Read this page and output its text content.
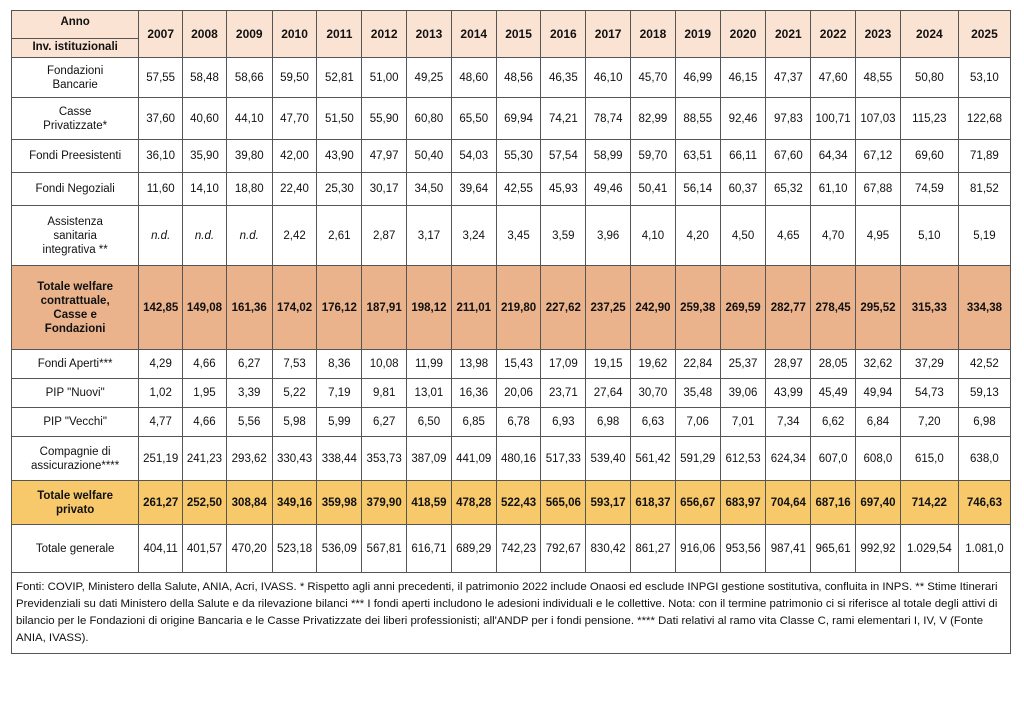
Anno
Inv. istituzionali	2007	2008	2009	2010	2011	2012	2013	2014	2015	2016	2017	2018	2019	2020	2021	2022	2023	2024	2025

Fondazioni
Bancarie	57,55	58,48	58,66	59,50	52,81	51,00	49,25	48,60	48,56	46,35	46,10	45,70	46,99	46,15	47,37	47,60	48,55	50,80	53,10

Casse
Privatizzate*	37,60	40,60	44,10	47,70	51,50	55,90	60,80	65,50	69,94	74,21	78,74	82,99	88,55	92,46	97,83	100,71	107,03	115,23	122,68

Fondi Preesistenti	36,10	35,90	39,80	42,00	43,90	47,97	50,40	54,03	55,30	57,54	58,99	59,70	63,51	66,11	67,60	64,34	67,12	69,60	71,89

Fondi Negoziali	11,60	14,10	18,80	22,40	25,30	30,17	34,50	39,64	42,55	45,93	49,46	50,41	56,14	60,37	65,32	61,10	67,88	74,59	81,52

Assistenza
sanitaria
integrativa **	n.d.	n.d.	n.d.	2,42	2,61	2,87	3,17	3,24	3,45	3,59	3,96	4,10	4,20	4,50	4,65	4,70	4,95	5,10	5,19

Totale welfare
contrattuale,
Casse e
Fondazioni	142,85	149,08	161,36	174,02	176,12	187,91	198,12	211,01	219,80	227,62	237,25	242,90	259,38	269,59	282,77	278,45	295,52	315,33	334,38

Fondi Aperti***	4,29	4,66	6,27	7,53	8,36	10,08	11,99	13,98	15,43	17,09	19,15	19,62	22,84	25,37	28,97	28,05	32,62	37,29	42,52

PIP "Nuovi"	1,02	1,95	3,39	5,22	7,19	9,81	13,01	16,36	20,06	23,71	27,64	30,70	35,48	39,06	43,99	45,49	49,94	54,73	59,13

PIP "Vecchi"	4,77	4,66	5,56	5,98	5,99	6,27	6,50	6,85	6,78	6,93	6,98	6,63	7,06	7,01	7,34	6,62	6,84	7,20	6,98

Compagnie di
assicurazione****	251,19	241,23	293,62	330,43	338,44	353,73	387,09	441,09	480,16	517,33	539,40	561,42	591,29	612,53	624,34	607,0	608,0	615,0	638,0

Totale welfare
privato	261,27	252,50	308,84	349,16	359,98	379,90	418,59	478,28	522,43	565,06	593,17	618,37	656,67	683,97	704,64	687,16	697,40	714,22	746,63

Totale generale	404,11	401,57	470,20	523,18	536,09	567,81	616,71	689,29	742,23	792,67	830,42	861,27	916,06	953,56	987,41	965,61	992,92	1.029,54	1.081,0
Fonti: COVIP, Ministero della Salute, ANIA, Acri, IVASS. * Rispetto agli anni precedenti, il patrimonio 2022 include Onaosi ed esclude INPGI gestione sostitutiva, confluita in INPS. ** Stime Itinerari Previdenziali su dati Ministero della Salute e da rilevazione bilanci *** I fondi aperti includono le adesioni individuali e le collettive. Nota: con il termine patrimonio ci si riferisce al totale degli attivi di bilancio per le Fondazioni di origine Bancaria e le Casse Privatizzate dei liberi professionisti; all'ANDP per i fondi pensione. **** Dati relativi al ramo vita Classe C, rami elementari I, IV, V (Fonte ANIA, IVASS).
